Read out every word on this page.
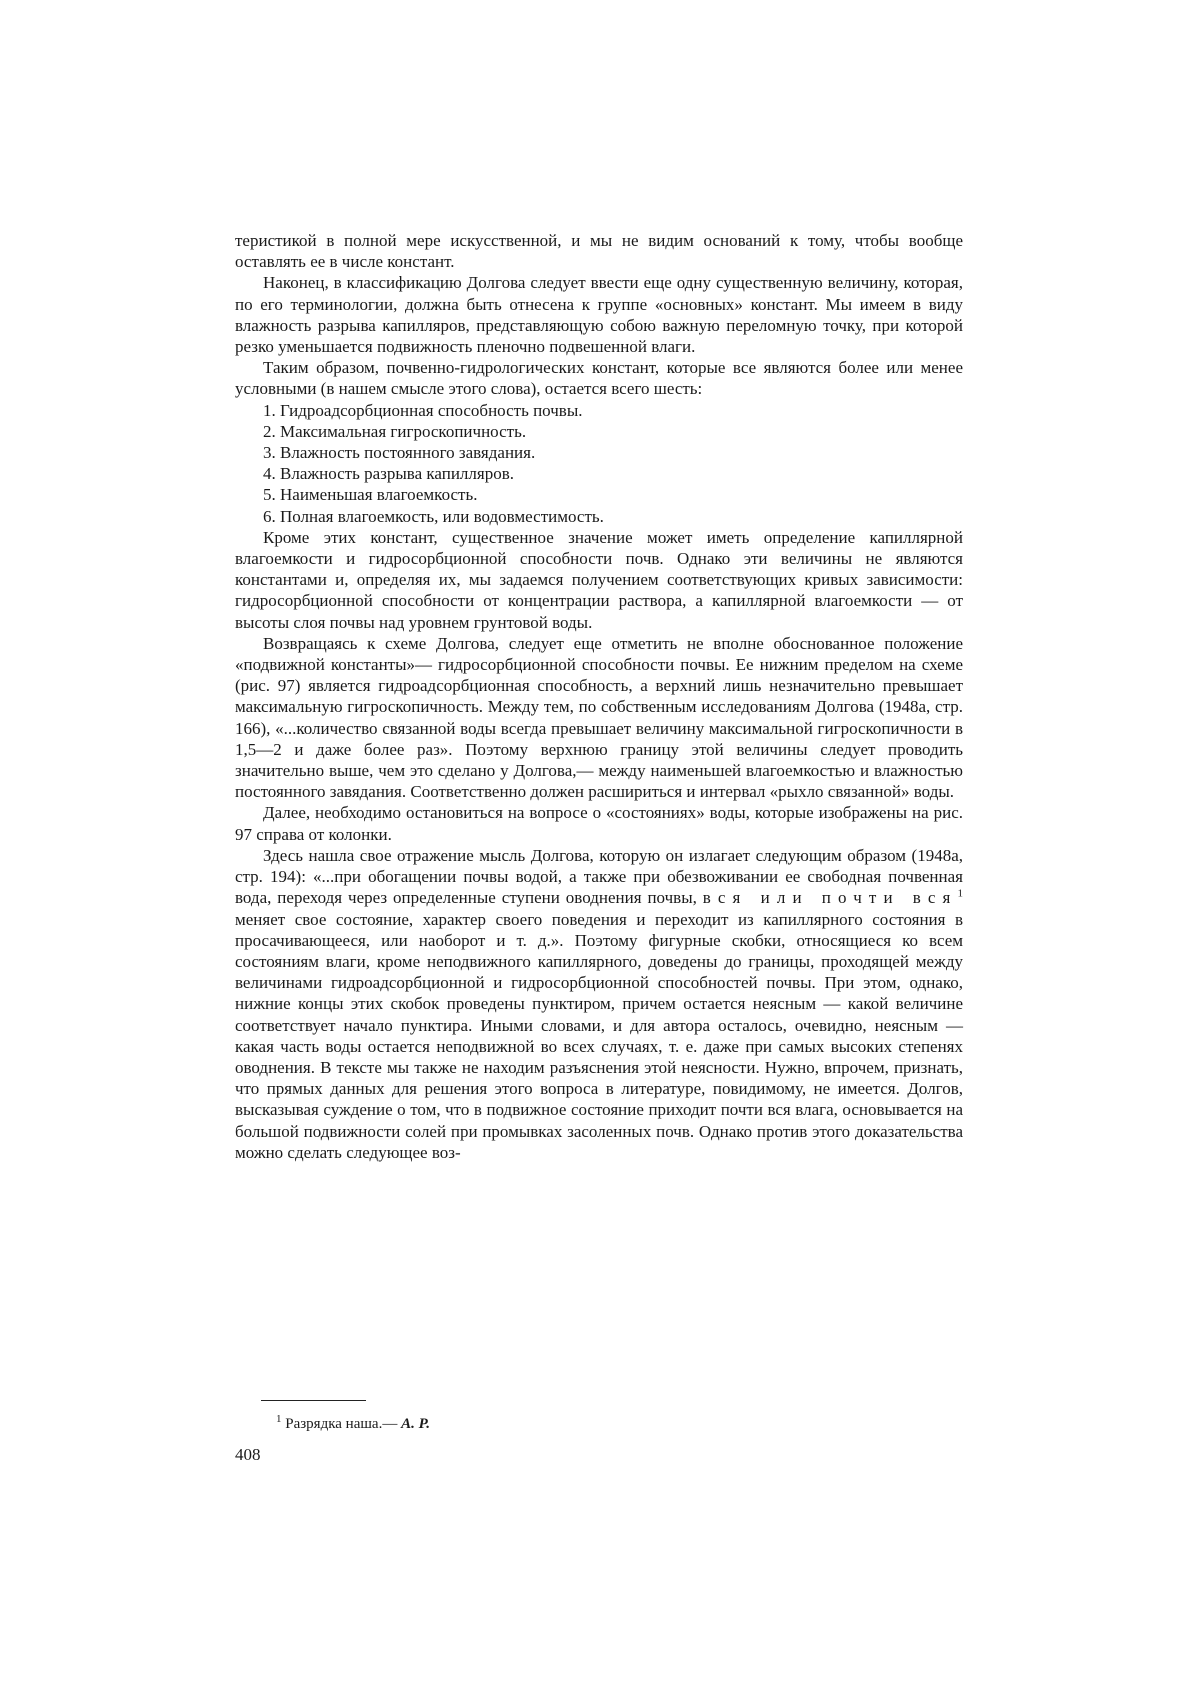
теристикой в полной мере искусственной, и мы не видим оснований к тому, чтобы вообще оставлять ее в числе констант.

Наконец, в классификацию Долгова следует ввести еще одну существенную величину, которая, по его терминологии, должна быть отнесена к группе «основных» констант. Мы имеем в виду влажность разрыва капилляров, представляющую собою важную переломную точку, при которой резко уменьшается подвижность пленочно подвешенной влаги.

Таким образом, почвенно-гидрологических констант, которые все являются более или менее условными (в нашем смысле этого слова), остается всего шесть:

1. Гидроадсорбционная способность почвы.
2. Максимальная гигроскопичность.
3. Влажность постоянного завядания.
4. Влажность разрыва капилляров.
5. Наименьшая влагоемкость.
6. Полная влагоемкость, или водовместимость.

Кроме этих констант, существенное значение может иметь определение капиллярной влагоемкости и гидросорбционной способности почв. Однако эти величины не являются константами и, определяя их, мы задаемся получением соответствующих кривых зависимости: гидросорбционной способности от концентрации раствора, а капиллярной влагоемкости — от высоты слоя почвы над уровнем грунтовой воды.

Возвращаясь к схеме Долгова, следует еще отметить не вполне обоснованное положение «подвижной константы»— гидросорбционной способности почвы. Ее нижним пределом на схеме (рис. 97) является гидроадсорбционная способность, а верхний лишь незначительно превышает максимальную гигроскопичность. Между тем, по собственным исследованиям Долгова (1948а, стр. 166), «...количество связанной воды всегда превышает величину максимальной гигроскопичности в 1,5—2 и даже более раз». Поэтому верхнюю границу этой величины следует проводить значительно выше, чем это сделано у Долгова,— между наименьшей влагоемкостью и влажностью постоянного завядания. Соответственно должен расшириться и интервал «рыхло связанной» воды.

Далее, необходимо остановиться на вопросе о «состояниях» воды, которые изображены на рис. 97 справа от колонки.

Здесь нашла свое отражение мысль Долгова, которую он излагает следующим образом (1948а, стр. 194): «...при обогащении почвы водой, а также при обезвоживании ее свободная почвенная вода, переходя через определенные ступени оводнения почвы, вся или почти вся$^1$ меняет свое состояние, характер своего поведения и переходит из капиллярного состояния в просачивающееся, или наоборот и т. д.». Поэтому фигурные скобки, относящиеся ко всем состояниям влаги, кроме неподвижного капиллярного, доведены до границы, проходящей между величинами гидроадсорбционной и гидросорбционной способностей почвы. При этом, однако, нижние концы этих скобок проведены пунктиром, причем остается неясным — какой величине соответствует начало пунктира. Иными словами, и для автора осталось, очевидно, неясным — какая часть воды остается неподвижной во всех случаях, т. е. даже при самых высоких степенях оводнения. В тексте мы также не находим разъяснения этой неясности. Нужно, впрочем, признать, что прямых данных для решения этого вопроса в литературе, повидимому, не имеется. Долгов, высказывая суждение о том, что в подвижное состояние приходит почти вся влага, основывается на большой подвижности солей при промывках засоленных почв. Однако против этого доказательства можно сделать следующее воз-

$^1$ Разрядка наша.— А. Р.
408
